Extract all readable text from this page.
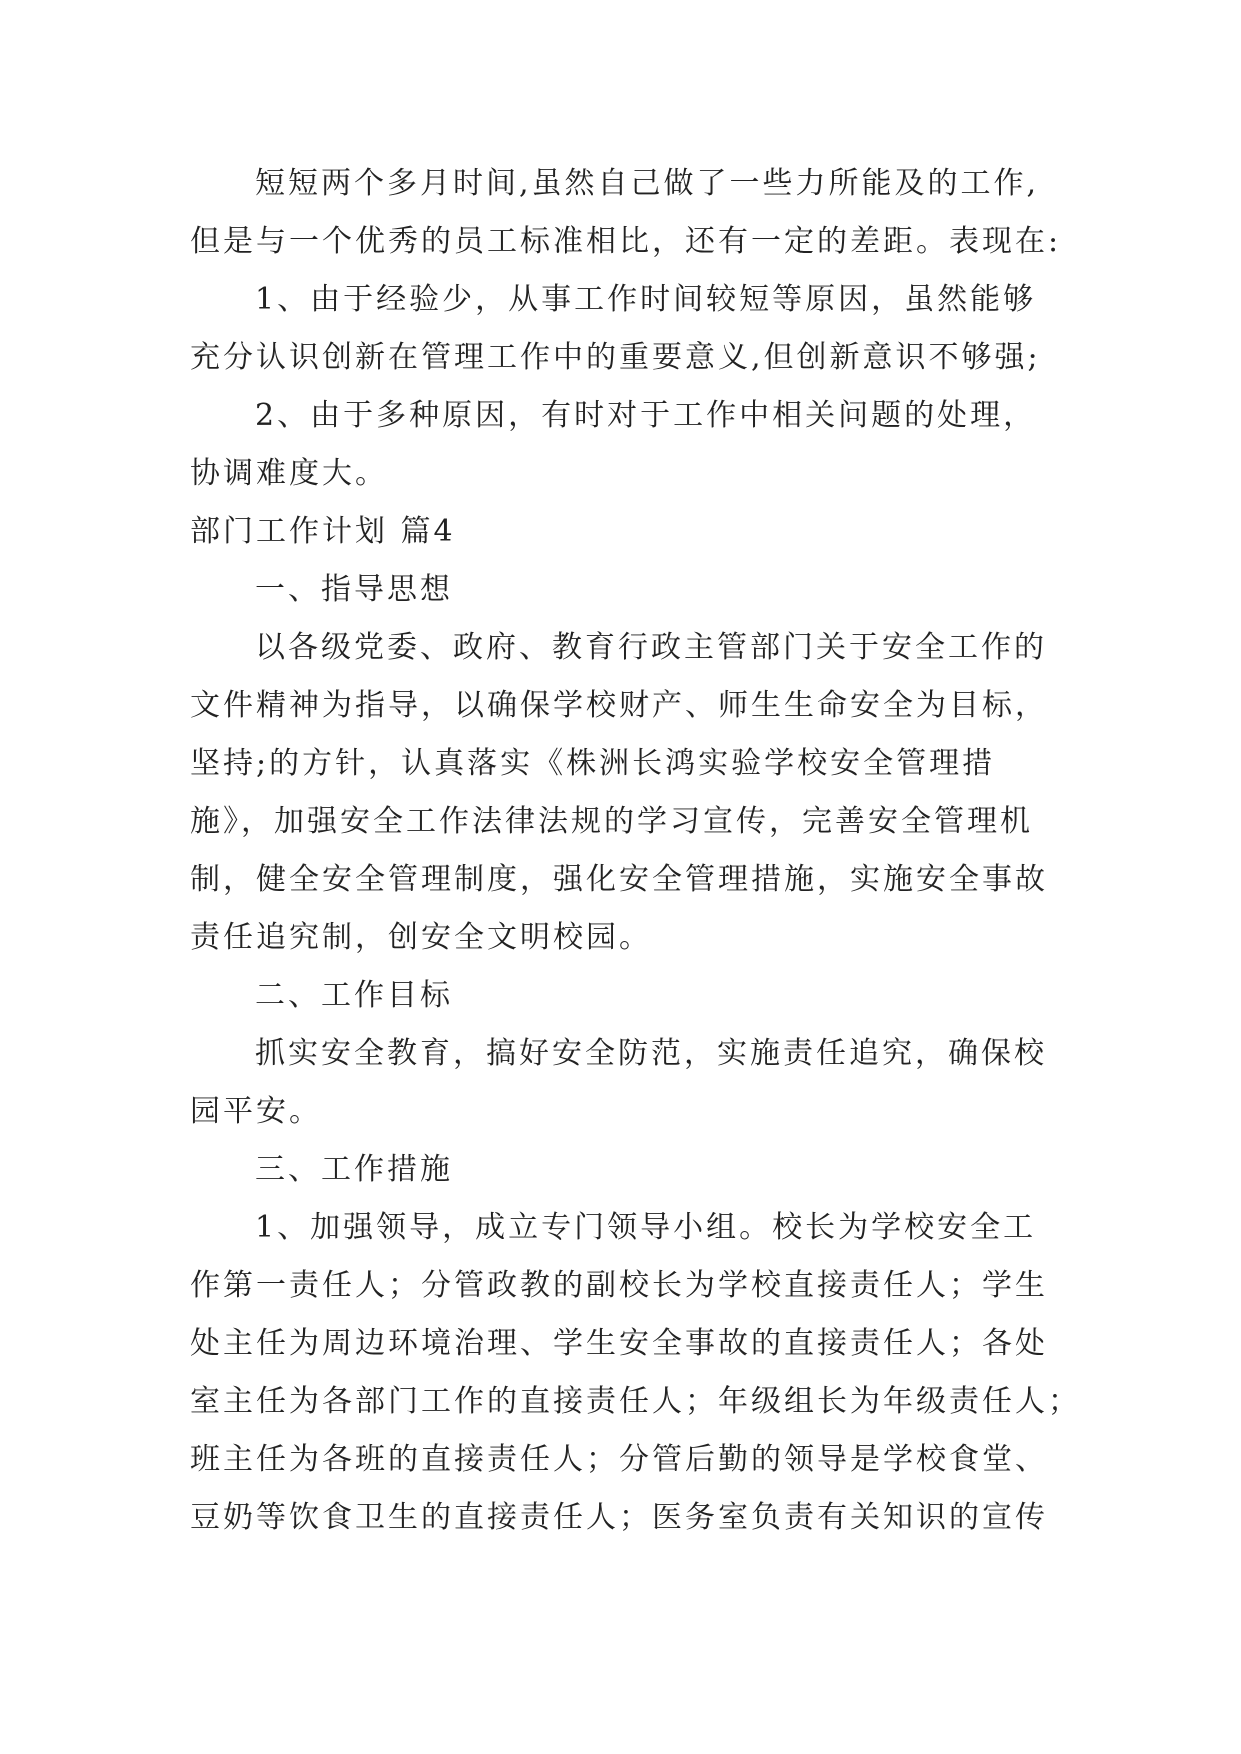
短短两个多月时间,虽然自己做了一些力所能及的工作,

但是与一个优秀的员工标准相比，还有一定的差距。表现在:

1、由于经验少，从事工作时间较短等原因，虽然能够

充分认识创新在管理工作中的重要意义,但创新意识不够强;

2、由于多种原因，有时对于工作中相关问题的处理，

协调难度大。

部门工作计划 篇4

一、指导思想

以各级党委、政府、教育行政主管部门关于安全工作的

文件精神为指导，以确保学校财产、师生生命安全为目标，

坚持;的方针，认真落实《株洲长鸿实验学校安全管理措

施》，加强安全工作法律法规的学习宣传，完善安全管理机

制，健全安全管理制度，强化安全管理措施，实施安全事故

责任追究制，创安全文明校园。

二、工作目标

抓实安全教育，搞好安全防范，实施责任追究，确保校

园平安。

三、工作措施

1、加强领导，成立专门领导小组。校长为学校安全工

作第一责任人；分管政教的副校长为学校直接责任人；学生

处主任为周边环境治理、学生安全事故的直接责任人；各处

室主任为各部门工作的直接责任人；年级组长为年级责任人；

班主任为各班的直接责任人；分管后勤的领导是学校食堂、

豆奶等饮食卫生的直接责任人；医务室负责有关知识的宣传
